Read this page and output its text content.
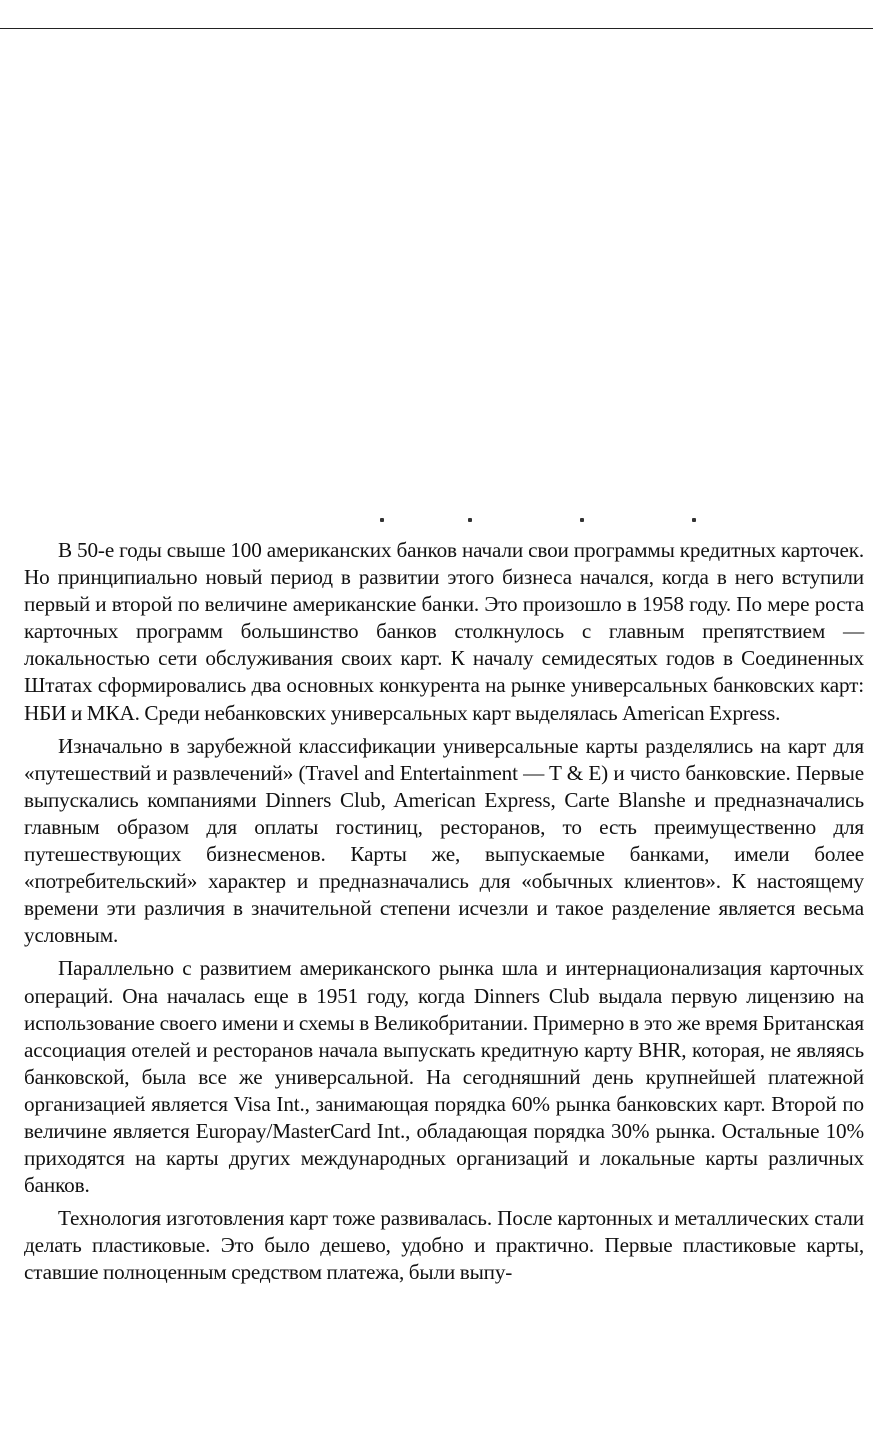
В 50-е годы свыше 100 американских банков начали свои программы кредитных карточек. Но принципиально новый период в развитии этого бизнеса начался, когда в него вступили первый и второй по величине американские банки. Это произошло в 1958 году. По мере роста карточных программ большинство банков столкнулось с главным препятствием — локальностью сети обслуживания своих карт. К началу семидесятых годов в Соединенных Штатах сформировались два основных конкурента на рынке универсальных банковских карт: НБИ и МКА. Среди небанковских универсальных карт выделялась American Express.

Изначально в зарубежной классификации универсальные карты разделялись на карт для «путешествий и развлечений» (Travel and Entertainment — T & E) и чисто банковские. Первые выпускались компаниями Dinners Club, American Express, Carte Blanshe и предназначались главным образом для оплаты гостиниц, ресторанов, то есть преимущественно для путешествующих бизнесменов. Карты же, выпускаемые банками, имели более «потребительский» характер и предназначались для «обычных клиентов». К настоящему времени эти различия в значительной степени исчезли и такое разделение является весьма условным.

Параллельно с развитием американского рынка шла и интернационализация карточных операций. Она началась еще в 1951 году, когда Dinners Club выдала первую лицензию на использование своего имени и схемы в Великобритании. Примерно в это же время Британская ассоциация отелей и ресторанов начала выпускать кредитную карту BHR, которая, не являясь банковской, была все же универсальной. На сегодняшний день крупнейшей платежной организацией является Visa Int., занимающая порядка 60% рынка банковских карт. Второй по величине является Europay/MasterCard Int., обладающая порядка 30% рынка. Остальные 10% приходятся на карты других международных организаций и локальные карты различных банков.

Технология изготовления карт тоже развивалась. После картонных и металлических стали делать пластиковые. Это было дешево, удобно и практично. Первые пластиковые карты, ставшие полноценным средством платежа, были выпу-
